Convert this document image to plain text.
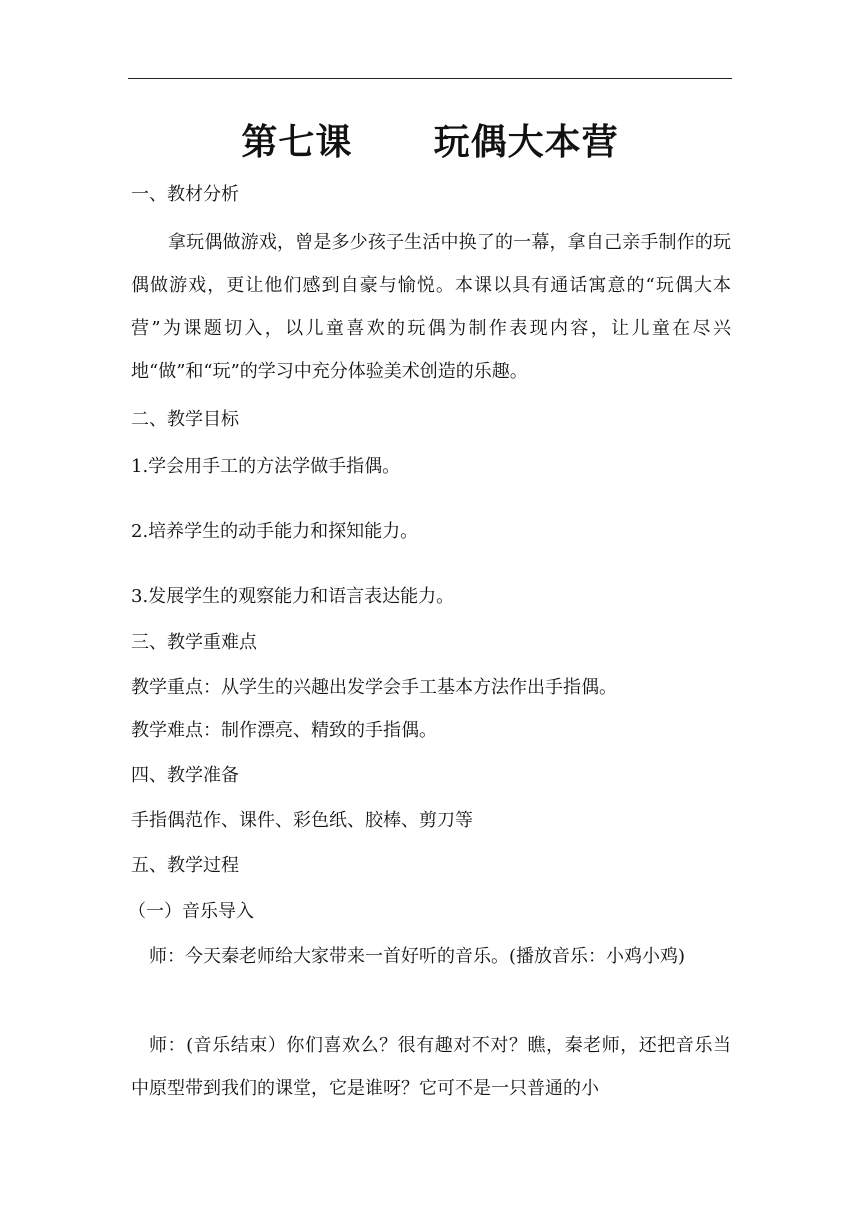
第七课      玩偶大本营
一、教材分析
拿玩偶做游戏，曾是多少孩子生活中换了的一幕，拿自己亲手制作的玩偶做游戏，更让他们感到自豪与愉悦。本课以具有通话寓意的“玩偶大本营”为课题切入，以儿童喜欢的玩偶为制作表现内容，让儿童在尽兴地“做”和“玩”的学习中充分体验美术创造的乐趣。
二、教学目标
1.学会用手工的方法学做手指偶。
2.培养学生的动手能力和探知能力。
3.发展学生的观察能力和语言表达能力。
三、教学重难点
教学重点：从学生的兴趣出发学会手工基本方法作出手指偶。
教学难点：制作漂亮、精致的手指偶。
四、教学准备
手指偶范作、课件、彩色纸、胶棒、剪刀等
五、教学过程
（一）音乐导入
师：今天秦老师给大家带来一首好听的音乐。(播放音乐：小鸡小鸡)
师：(音乐结束）你们喜欢么？很有趣对不对？瞧，秦老师，还把音乐当中原型带到我们的课堂，它是谁呀？它可不是一只普通的小
